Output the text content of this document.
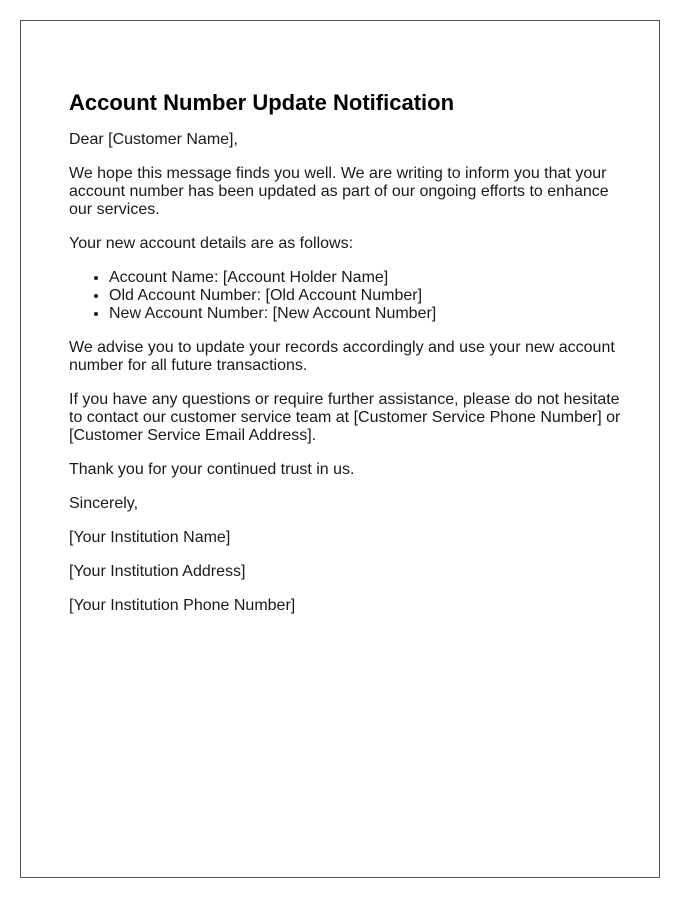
Account Number Update Notification

Dear [Customer Name],

We hope this message finds you well. We are writing to inform you that your account number has been updated as part of our ongoing efforts to enhance our services.

Your new account details are as follows:

• Account Name: [Account Holder Name]
• Old Account Number: [Old Account Number]
• New Account Number: [New Account Number]

We advise you to update your records accordingly and use your new account number for all future transactions.

If you have any questions or require further assistance, please do not hesitate to contact our customer service team at [Customer Service Phone Number] or [Customer Service Email Address].

Thank you for your continued trust in us.

Sincerely,

[Your Institution Name]

[Your Institution Address]

[Your Institution Phone Number]
